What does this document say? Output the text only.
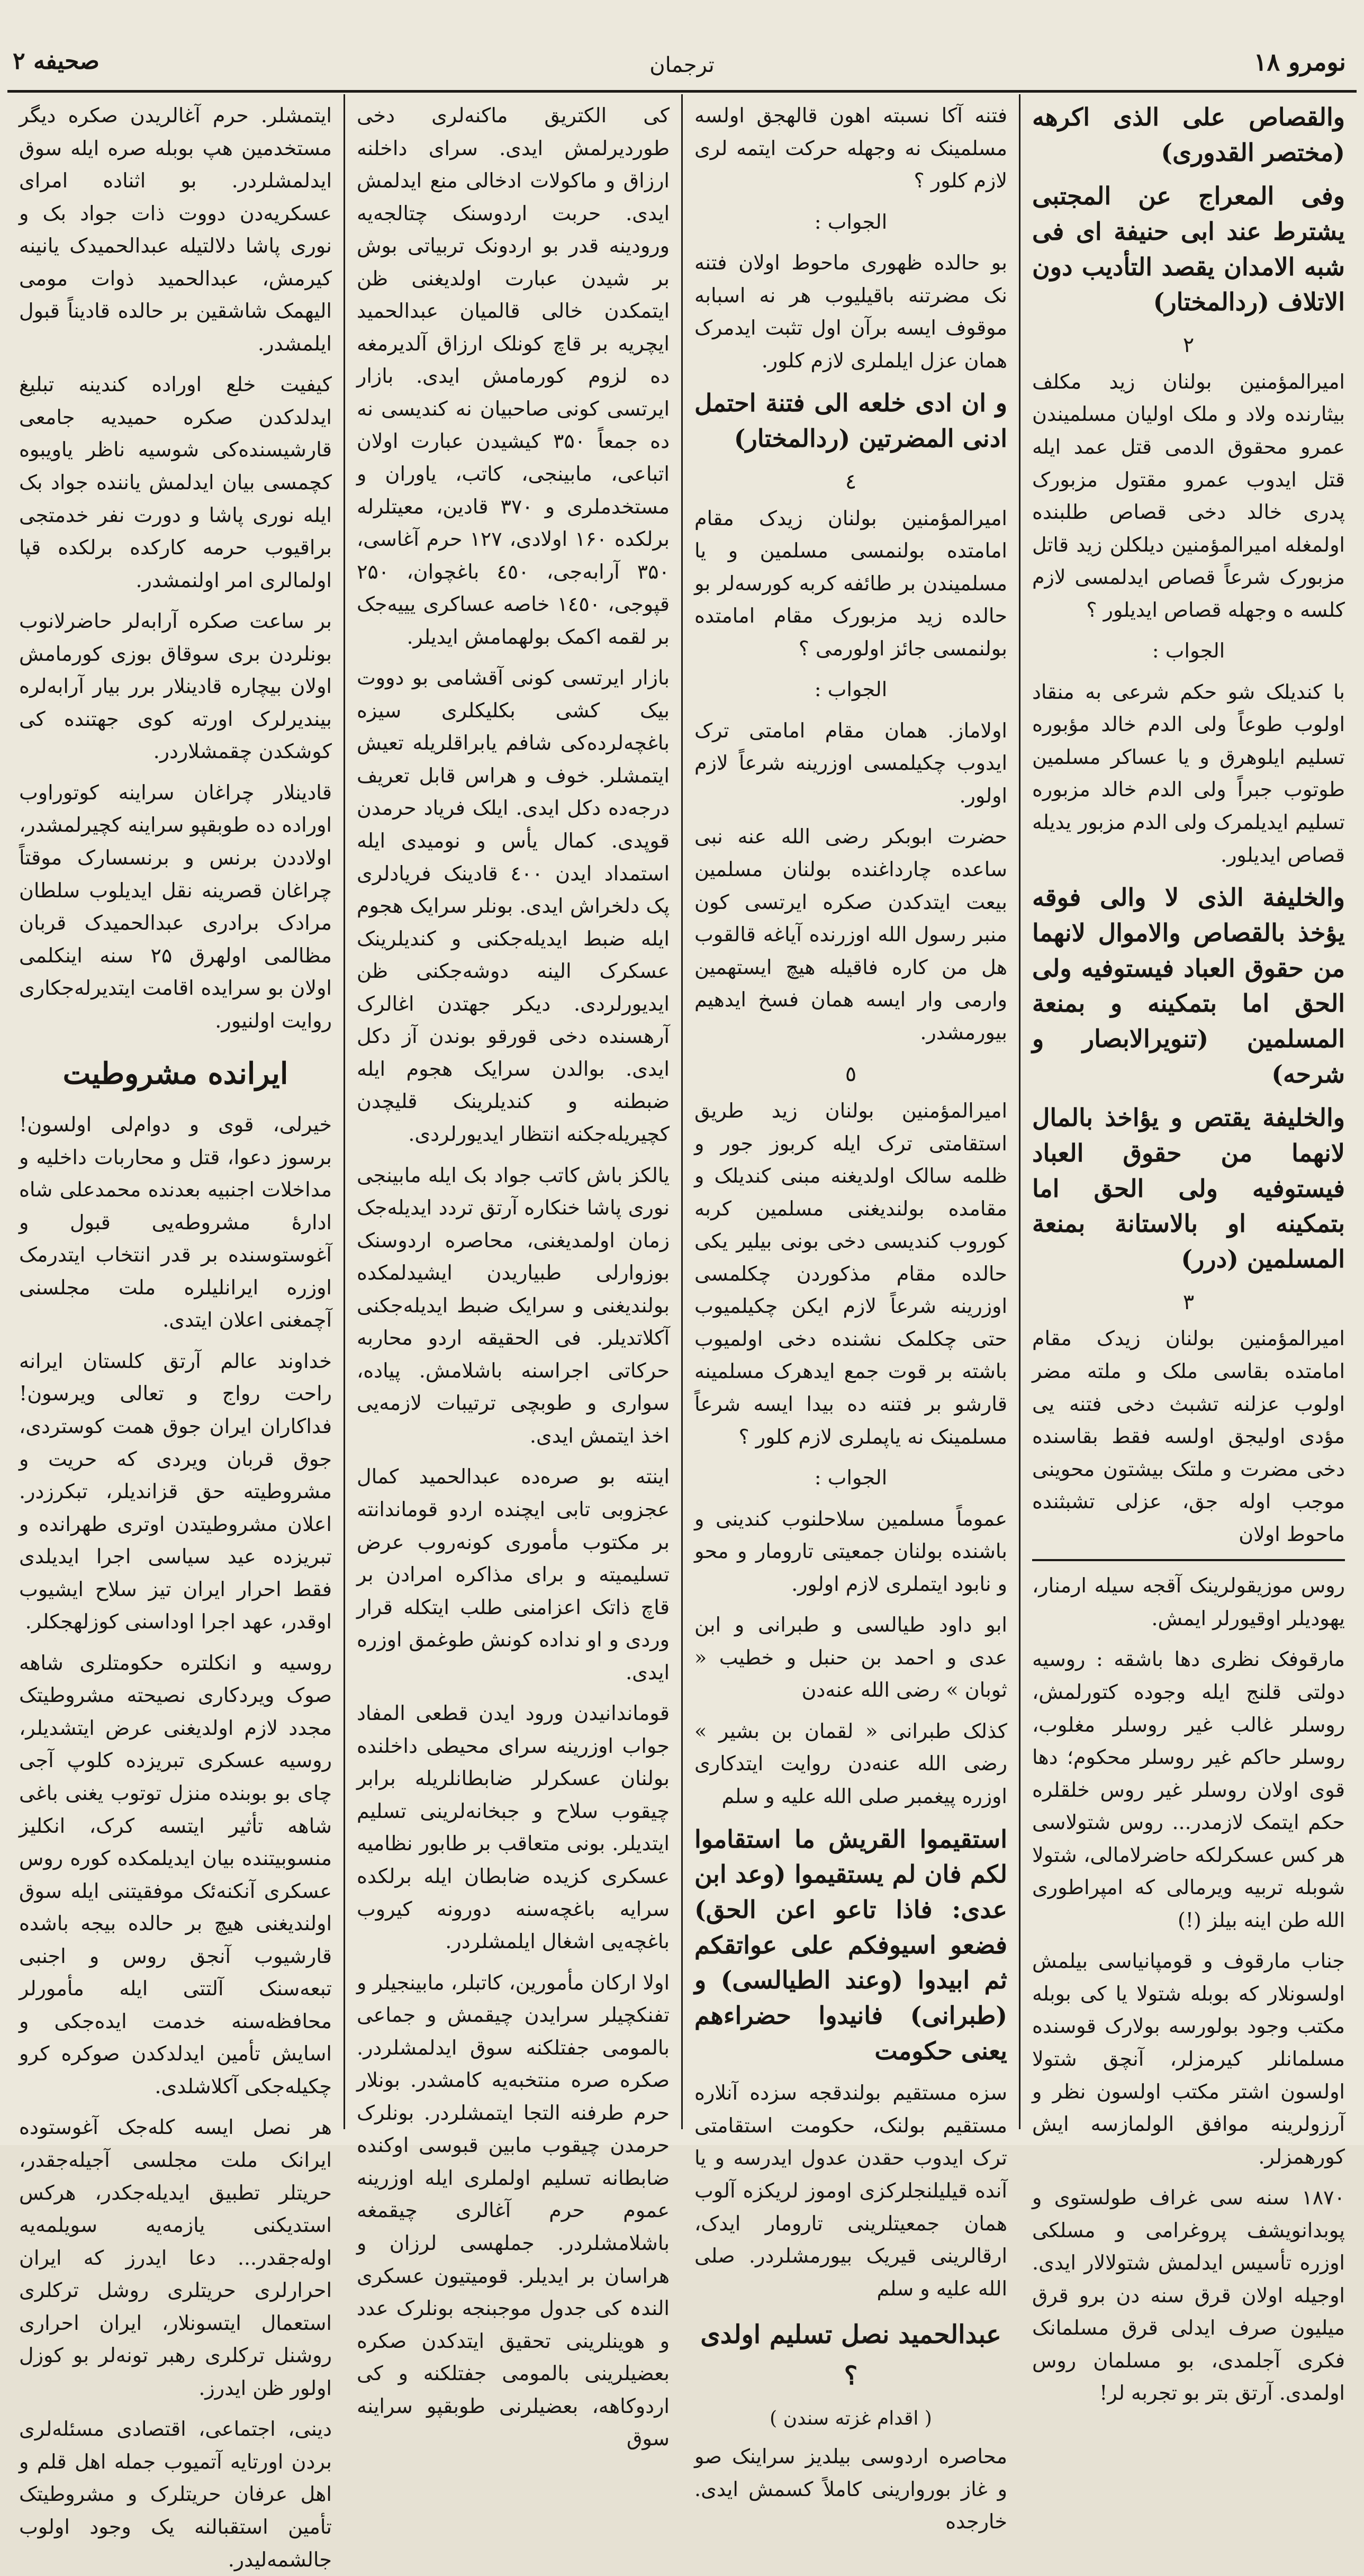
صحیفه ۲	ترجمان	نومرو ۱۸

والقصاص علی الذی اکرهه (مختصر القدوری)

وفی المعراج عن المجتبی یشترط عند ابی حنیفة ای فی شبه الامدان یقصد التأدیب دون الاتلاف (ردالمختار)

۲

امیرالمؤمنین بولنان زید مکلف بیثارنده ولاد و ملک اولیان مسلمیندن عمرو محقوق الدمی قتل عمد ایله قتل ایدوب عمرو مقتول مزبورک پدری خالد دخی قصاص طلبنده اولمغله امیرالمؤمنین دیلکلن زید قاتل مزبورک شرعاً قصاص ایدلمسی لازم کلسه ه وجهله قصاص ایدیلور ؟

الجواب :

با کندیلک شو حکم شرعی به منقاد اولوب طوعاً ولی الدم خالد مؤبوره تسلیم ایلوهرق و یا عساکر مسلمین طوتوب جبراً ولی الدم خالد مزبوره تسلیم ایدیلمرک ولی الدم مزبور یدیله قصاص ایدیلور.

والخلیفة الذی لا والی فوقه یؤخذ بالقصاص والاموال لانهما من حقوق العباد فیستوفیه ولی الحق اما بتمکینه و بمنعة المسلمین (تنویرالابصار و شرحه)

والخلیفة یقتص و یؤاخذ بالمال لانهما من حقوق العباد فیستوفیه ولی الحق اما بتمکینه او بالاستانة بمنعة المسلمین (درر)

۳

امیرالمؤمنین بولنان زیدک مقام امامتده بقاسی ملک و ملته مضر اولوب عزلنه تشبث دخی فتنه یی مؤدی اولیجق اولسه فقط بقاسنده دخی مضرت و ملتک بیشتون محوینی موجب اوله جق، عزلی تشبثنده ماحوط اولان

روس موزیقولرینک آقجه سیله ارمنار، یهودیلر اوقیورلر ایمش.

مارقوفک نظری دها باشقه : روسیه دولتی قلنج ایله وجوده کتورلمش، روسلر غالب غیر روسلر مغلوب، روسلر حاکم غیر روسلر محکوم؛ دها قوی اولان روسلر غیر روس خلقلره حکم ایتمک لازمدر... روس شتولاسی هر کس عسکرلکه حاضرلامالی، شتولا شوبله تربیه ویرمالی که امپراطوری الله طن اینه بیلز (!)

جناب مارقوف و قومپانیاسی بیلمش اولسونلار که بوبله شتولا یا کی بوبله مکتب وجود بولورسه بولارک قوسنده مسلمانلر کیرمزلر، آنچق شتولا اولسون اشتر مکتب اولسون نظر و آرزولرینه موافق الولمازسه ایش کورهمزلر.

۱۸۷۰ سنه سی غراف طولستوی و پوبدانویشف پروغرامی و مسلکی اوزره تأسیس ایدلمش شتولالار ایدی. اوجیله اولان قرق سنه دن برو قرق میلیون صرف ایدلی قرق مسلمانک فکری آجلمدی، بو مسلمان روس اولمدی. آرتق بتر بو تجربه لر!

فتنه آکا نسبته اهون قالهجق اولسه مسلمینک نه وجهله حرکت ایتمه لری لازم کلور ؟

الجواب :

بو حالده ظهوری ماحوط اولان فتنه نک مضرتنه باقیلیوب هر نه اسبابه موقوف ایسه برآن اول تثبت ایدمرک همان عزل ایلملری لازم کلور.

و ان ادی خلعه الی فتنة احتمل ادنی المضرتین (ردالمختار)

٤

امیرالمؤمنین بولنان زیدک مقام امامتده بولنمسی مسلمین و یا مسلمیندن بر طائفه کربه کورسه‌لر بو حالده زید مزبورک مقام امامتده بولنمسی جائز اولورمی ؟

الجواب :

اولاماز. همان مقام امامتی ترک ایدوب چکیلمسی اوزرینه شرعاً لازم اولور.

حضرت ابوبکر رضی الله عنه نبی ساعده چارداغنده بولنان مسلمین بیعت ایتدکدن صکره ایرتسی کون منبر رسول الله اوزرنده آیاغه قالقوب هل من کاره فاقیله هیچ ایستهمین وارمی وار ایسه همان فسخ ایدهیم بیورمشدر.

٥

امیرالمؤمنین بولنان زید طریق استقامتی ترک ایله کربوز جور و ظلمه سالک اولدیغنه مبنی کندیلک و مقامده بولندیغنی مسلمین کربه کوروب کندیسی دخی بونی بیلیر یکی حالده مقام مذکوردن چکلمسی اوزرینه شرعاً لازم ایکن چکیلمیوب حتی چکلمک نشنده دخی اولمیوب باشته بر قوت جمع ایدهرک مسلمینه قارشو بر فتنه ده بیدا ایسه شرعاً مسلمینک نه یاپملری لازم کلور ؟

الجواب :

عموماً مسلمین سلاحلنوب کندینی و باشنده بولنان جمعیتی تارومار و محو و نابود ایتملری لازم اولور.

ابو داود طیالسی و طبرانی و ابن عدی و احمد بن حنبل و خطیب « ثوبان » رضی الله عنه‌دن

کذلک طبرانی « لقمان بن بشیر » رضی الله عنه‌دن روایت ایتدکاری اوزره پیغمبر صلی الله علیه و سلم

استقیموا القریش ما استقاموا لکم فان لم یستقیموا (وعد ابن عدی: فاذا تاعو اعن الحق) فضعو اسیوفکم علی عواتقکم ثم ابیدوا (وعند الطیالسی) و (طبرانی) فانیدوا حضراءهم یعنی حکومت

سزه مستقیم بولندقجه سزده آنلاره مستقیم بولنک، حکومت استقامتی ترک ایدوب حقدن عدول ایدرسه و یا آنده قیلیلنجلرکزی اوموز لریکزه آلوب همان جمعیتلرینی تارومار ایدک، ارقالرینی قیریک بیورمشلردر. صلی الله علیه و سلم

عبدالحمید نصل تسلیم اولدی ؟
( اقدام غزته سندن )

محاصره اردوسی بیلدیز سراینک صو و غاز بوروارینی کاملاً کسمش ایدی. خارجده

کی الکتریق ماکنه‌لری دخی طوردیرلمش ایدی. سرای داخلنه ارزاق و ماکولات ادخالی منع ایدلمش ایدی. حربت اردوسنک چتالجه‌یه ورودینه قدر بو اردونک تربیاتی بوش بر شیدن عبارت اولدیغنی ظن ایتمکدن خالی قالمیان عبدالحمید ایچریه بر قاچ کونلک ارزاق آلدیرمغه ده لزوم کورمامش ایدی. بازار ایرتسی کونی صاحبیان نه کندیسی نه ده جمعاً ۳۵۰ کیشیدن عبارت اولان اتباعی، مابینجی، کاتب، یاوران و مستخدملری و ۳۷۰ قادین، معیتلرله برلکده ۱۶۰ اولادی، ۱۲۷ حرم آغاسی، ۳۵۰ آرابه‌جی، ٤٥٠ باغچوان، ۲۵۰ قپوجی، ۱٤٥۰ خاصه عساکری یییه‌جک بر لقمه اکمک بولهمامش ایدیلر.

بازار ایرتسی کونی آقشامی بو دووت بیک کشی بکلیکلری سیزه باغچه‌لرده‌کی شافم یابراقلریله تعیش ایتمشلر. خوف و هراس قابل تعریف درجه‌ده دکل ایدی. ایلک فریاد حرمدن قوپدی. کمال یأس و نومیدی ایله استمداد ایدن ٤٠٠ قادینک فریادلری پک دلخراش ایدی. بونلر سرایک هجوم ایله ضبط ایدیله‌جکنی و کندیلرینک عسکرک الینه دوشه‌جکنی ظن ایدیورلردی. دیکر جهتدن اغالرک آرهسنده دخی قورقو بوندن آز دکل ایدی. بوالدن سرایک هجوم ایله ضبطنه و کندیلرینک قلیچدن کچیریله‌جکنه انتظار ایدیورلردی.

یالکز باش کاتب جواد بک ایله مابینجی نوری پاشا خنکاره آرتق تردد ایدیله‌جک زمان اولمدیغنی، محاصره اردوسنک بوزوارلی طبیاریدن ایشیدلمکده بولندیغنی و سرایک ضبط ایدیله‌جکنی آکلاتدیلر. فی الحقیقه اردو محاربه حرکاتی اجراسنه باشلامش. پیاده، سواری و طوبچی ترتیبات لازمه‌یی اخذ ایتمش ایدی.

اینته بو صره‌ده عبدالحمید کمال عجزوبی تابی ایچنده اردو قوماندانته بر مکتوب مأموری کونه‌روب عرض تسلیمیته و برای مذاکره امرادن بر قاچ ذاتک اعزامنی طلب ایتکله قرار وردی و او نداده کونش طوغمق اوزره ایدی.

قوماندانیدن ورود ایدن قطعی المفاد جواب اوزرینه سرای محیطی داخلنده بولنان عسکرلر ضابطانلریله برابر چیقوب سلاح و جبخانه‌لرینی تسلیم ایتدیلر. بونی متعاقب بر طابور نظامیه عسکری کزیده ضابطان ایله برلکده سرایه باغچه‌سنه دورونه کیروب باغچه‌یی اشغال ایلمشلردر.

اولا ارکان مأمورین، کاتبلر، مابینجیلر و تفنکچیلر سرایدن چیقمش و جماعی بالمومی جفتلکنه سوق ایدلمشلردر. صکره صره منتخبه‌یه کامشدر. بونلار حرم طرفنه التجا ایتمشلردر. بونلرک حرمدن چیقوب مابین قبوسی اوکنده ضابطانه تسلیم اولملری ایله اوزرینه عموم حرم آغالری چیقمغه باشلامشلردر. جملهسی لرزان و هراسان بر ایدیلر. قومیتیون عسکری الندہ کی جدول موجبنجه بونلرک عدد و هوینلرینی تحقیق ایتدکدن صکره بعضیلرینی بالمومی جفتلکنه و کی اردوکاهه، بعضیلرنی طوبقپو سراینه سوق

ایتمشلر. حرم آغالریدن صکره دیگر مستخدمین هپ بوبله صره ایله سوق ایدلمشلردر. بو اثناده امرای عسکریه‌دن دووت ذات جواد بک و نوری پاشا دلالتیله عبدالحمیدک یانینه کیرمش، عبدالحمید ذوات مومی الیهمک شاشقین بر حالده قادیناً قبول ایلمشدر.

کیفیت خلع اوراده کندینه تبلیغ ایدلدکدن صکره حمیدیه جامعی قارشیسنده‌کی شوسیه ناظر یاویبوه کچمسی بیان ایدلمش یاننده جواد بک ایله نوری پاشا و دورت نفر خدمتجی براقیوب حرمه کارکده برلکده قپا اولمالری امر اولنمشدر.

بر ساعت صکره آرابه‌لر حاضرلانوب بونلردن بری سوقاق بوزی کورمامش اولان بیچاره قادینلار برر بیار آرابه‌لره بیندیرلرک اورته کوی جهتنده کی کوشکدن چقمشلاردر.

قادینلار چراغان سراینه کوتوراوب اوراده ده طوبقپو سراینه کچیرلمشدر، اولاددن برنس و برنسسارک موقتاً چراغان قصرینه نقل ایدیلوب سلطان مرادک برادری عبدالحمیدک قربان مظالمی اولهرق ۲۵ سنه اینکلمی اولان بو سرایده اقامت ایتدیرله‌جکاری روایت اولنیور.

ایرانده مشروطیت

خیرلی، قوی و دوام‌لی اولسون! برسوز دعوا، قتل و محاربات داخلیه و مداخلات اجنبیه بعدنده محمدعلی شاه ادارهٔ مشروطه‌یی قبول و آغوستوسنده بر قدر انتخاب ایتدرمک اوزره ایرانلیلره ملت مجلسنی آچمغنی اعلان ایتدی.

خداوند عالم آرتق کلستان ایرانه راحت رواج و تعالی ویرسون! فداکاران ایران جوق همت کوستردی، جوق قربان ویردی که حریت و مشروطیته حق قزاندیلر، تبکرزدر. اعلان مشروطیتدن اوتری طهرانده و تبریزده عید سیاسی اجرا ایدیلدی فقط احرار ایران تیز سلاح ایشیوب اوقدر، عهد اجرا اوداسنی کوزلهجکلر.

روسیه و انکلتره حکومتلری شاهه صوک ویردکاری نصیحته مشروطیتک مجدد لازم اولدیغنی عرض ایتشدیلر، روسیه عسکری تبریزده کلوپ آجی چای بو بوبنده منزل توتوب یغنی باغی شاهه تأثیر ایتسه کرک، انکلیز منسوبیتنده بیان ایدیلمکده کوره روس عسکری آنکنه‌ئک موفقیتنی ایله سوق اولندیغنی هیچ بر حالده بیجه باشده قارشیوب آنجق روس و اجنبی تبعه‌سنک آلتتی ایله مأمورلر محافظه‌سنه خدمت ایده‌جکی و اسایش تأمین ایدلدکدن صوکره کرو چکیله‌جکی آکلاشلدی.

هر نصل ایسه کله‌جک آغوستوده ایرانک ملت مجلسی آجیله‌جقدر، حریتلر تطبیق ایدیله‌جکدر، هرکس استدیکنی یازمه‌یه سویلمه‌یه اوله‌جقدر... دعا ایدرز که ایران احرارلری حریتلری روشل ترکلری استعمال ایتسونلار، ایران احراری روشنل ترکلری رهبر تونه‌لر بو کوزل اولور ظن ایدرز.

دینی، اجتماعی، اقتصادی مسئله‌لری بردن اورتایه آتمیوب جمله اهل قلم و اهل عرفان حریتلرک و مشروطیتک تأمین استقبالنه یک وجود اولوب جالشمه‌لیدر.
